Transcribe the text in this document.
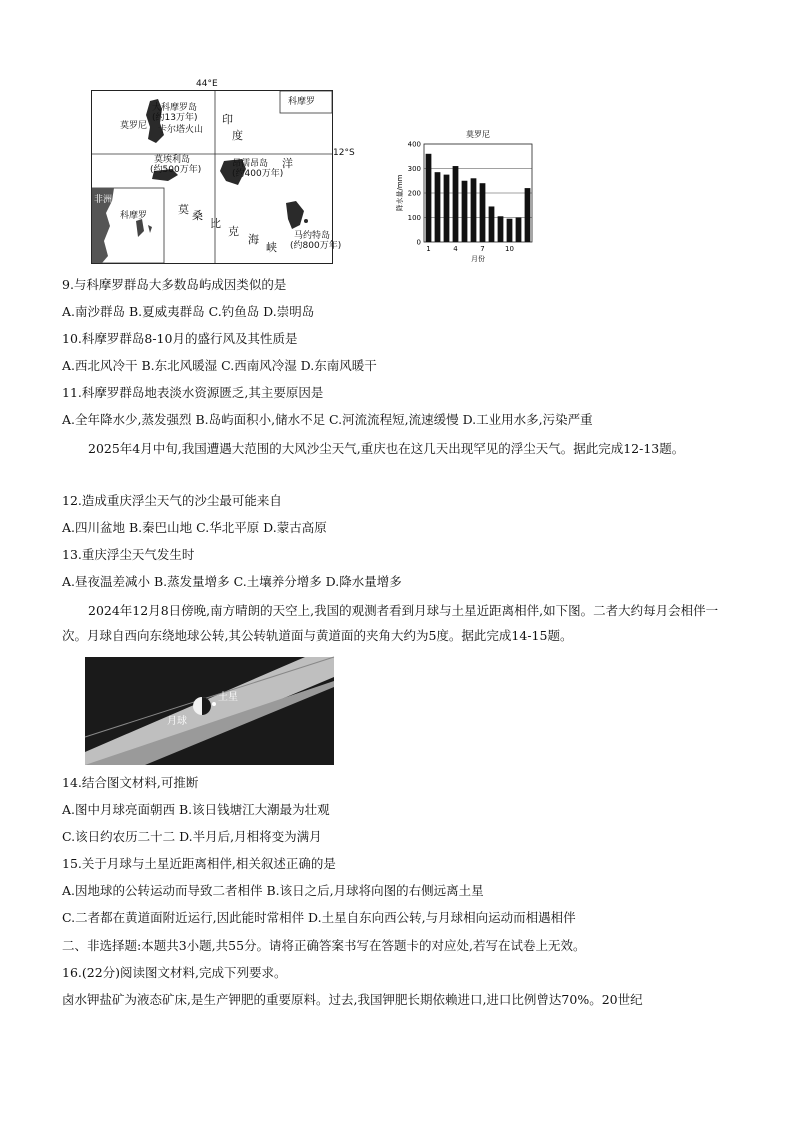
44°E
12°S
科摩罗
大科摩罗岛
(约13万年)
莫罗尼 卡尔塔火山
印
度
洋
莫埃利岛
(约500万年)
昂儒昂岛
(约400万年)
马约特岛
(约800万年)
莫 桑
比
克
海
峡
科摩罗
非洲
莫罗尼
0
100
200
300
400
1	4	7	10
月份
降水量/mm
9.与科摩罗群岛大多数岛屿成因类似的是
A.南沙群岛 B.夏威夷群岛 C.钓鱼岛 D.崇明岛
10.科摩罗群岛8-10月的盛行风及其性质是
A.西北风冷干 B.东北风暖湿 C.西南风冷湿 D.东南风暖干
11.科摩罗群岛地表淡水资源匮乏,其主要原因是
A.全年降水少,蒸发强烈 B.岛屿面积小,储水不足 C.河流流程短,流速缓慢 D.工业用水多,污染严重
2025年4月中旬,我国遭遇大范围的大风沙尘天气,重庆也在这几天出现罕见的浮尘天气。据此完成12-13题。
12.造成重庆浮尘天气的沙尘最可能来自
A.四川盆地 B.秦巴山地 C.华北平原 D.蒙古高原
13.重庆浮尘天气发生时
A.昼夜温差减小 B.蒸发量增多 C.土壤养分增多 D.降水量增多
2024年12月8日傍晚,南方晴朗的天空上,我国的观测者看到月球与土星近距离相伴,如下图。二者大约每月会相伴一次。月球自西向东绕地球公转,其公转轨道面与黄道面的夹角大约为5度。据此完成14-15题。
土星
月球
14.结合图文材料,可推断
A.图中月球亮面朝西 B.该日钱塘江大潮最为壮观
C.该日约农历二十二 D.半月后,月相将变为满月
15.关于月球与土星近距离相伴,相关叙述正确的是
A.因地球的公转运动而导致二者相伴 B.该日之后,月球将向图的右侧远离土星
C.二者都在黄道面附近运行,因此能时常相伴 D.土星自东向西公转,与月球相向运动而相遇相伴
二、非选择题:本题共3小题,共55分。请将正确答案书写在答题卡的对应处,若写在试卷上无效。
16.(22分)阅读图文材料,完成下列要求。
卤水钾盐矿为液态矿床,是生产钾肥的重要原料。过去,我国钾肥长期依赖进口,进口比例曾达70%。20世纪
